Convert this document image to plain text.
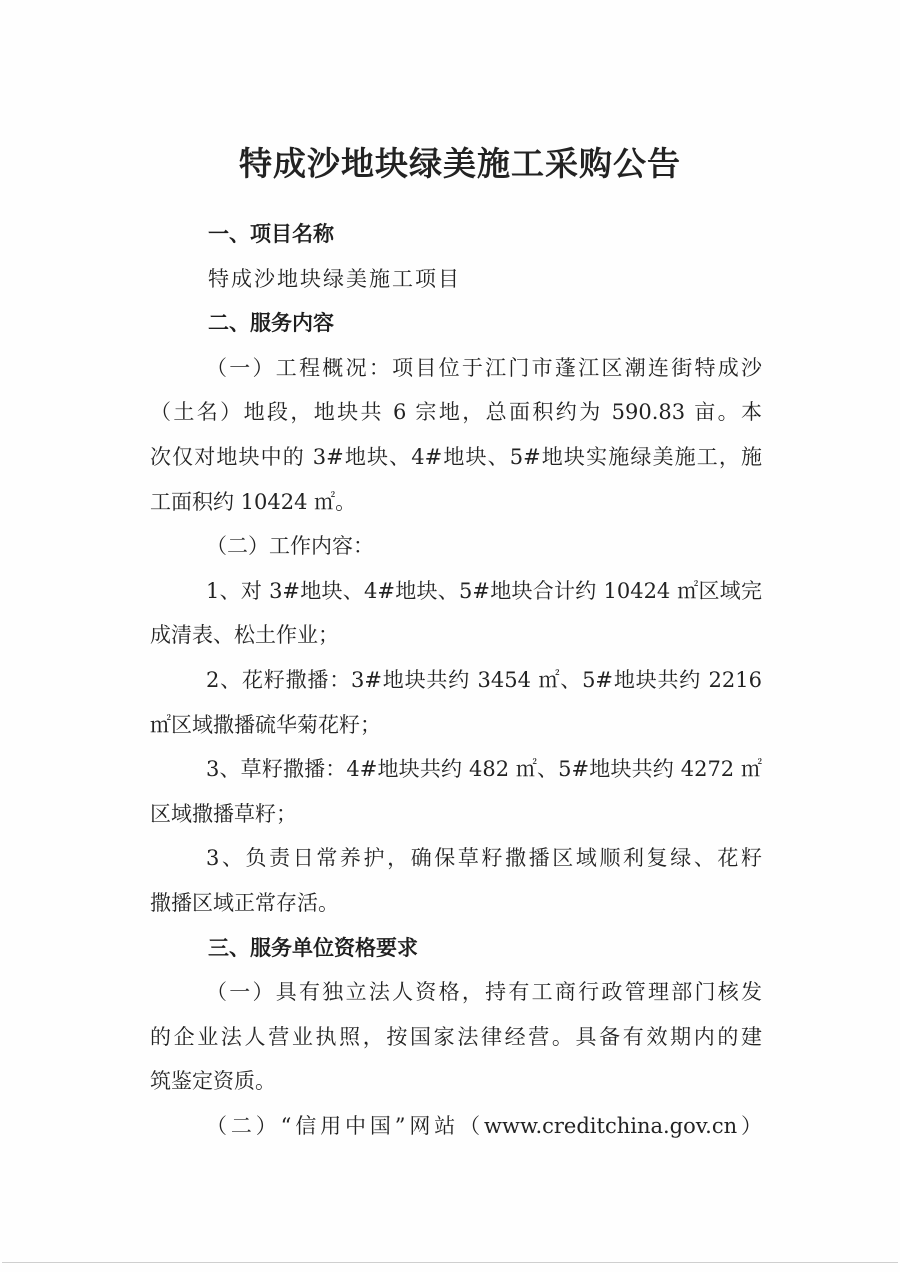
特成沙地块绿美施工采购公告
一、项目名称
特成沙地块绿美施工项目
二、服务内容
（一）工程概况：项目位于江门市蓬江区潮连街特成沙
（土名）地段，地块共 6 宗地，总面积约为 590.83 亩。本
次仅对地块中的 3#地块、4#地块、5#地块实施绿美施工，施
工面积约 10424 ㎡。
（二）工作内容：
1、对 3#地块、4#地块、5#地块合计约 10424 ㎡区域完
成清表、松土作业；
2、花籽撒播：3#地块共约 3454 ㎡、5#地块共约 2216
㎡区域撒播硫华菊花籽；
3、草籽撒播：4#地块共约 482 ㎡、5#地块共约 4272 ㎡
区域撒播草籽；
3、负责日常养护，确保草籽撒播区域顺利复绿、花籽
撒播区域正常存活。
三、服务单位资格要求
（一）具有独立法人资格，持有工商行政管理部门核发
的企业法人营业执照，按国家法律经营。具备有效期内的建
筑鉴定资质。
（二）“信用中国”网站（www.creditchina.gov.cn）
